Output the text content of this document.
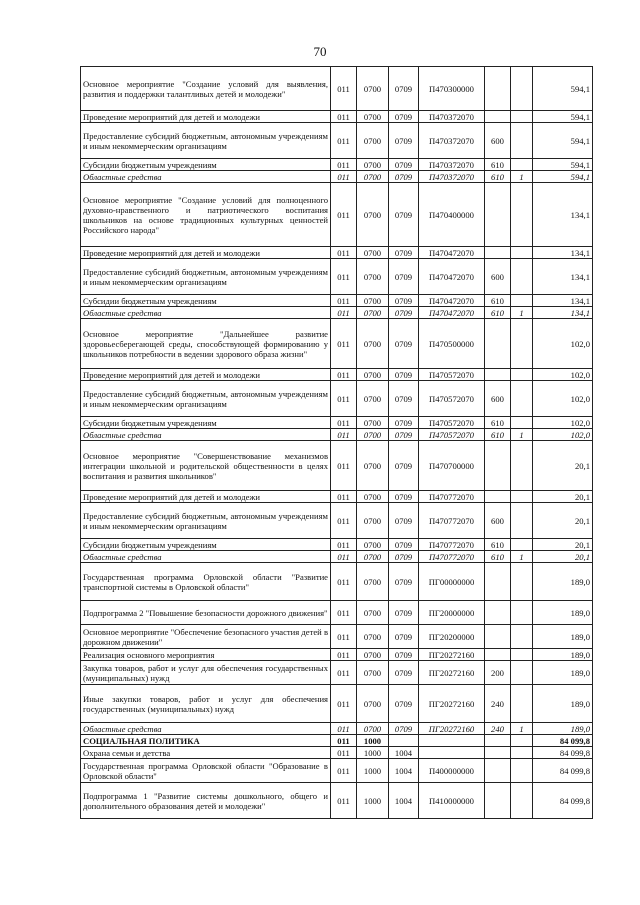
70
Основное мероприятие "Создание условий для выявления, развития и поддержки талантливых детей и молодежи"	011	0700	0709	П470300000			594,1
Проведение мероприятий для детей и молодежи	011	0700	0709	П470372070			594,1
Предоставление субсидий бюджетным, автономным учреждениям и иным некоммерческим организациям	011	0700	0709	П470372070	600		594,1
Субсидии бюджетным учреждениям	011	0700	0709	П470372070	610		594,1
Областные средства	011	0700	0709	П470372070	610	1	594,1
Основное мероприятие "Создание условий для полноценного духовно-нравственного и патриотического воспитания школьников на основе традиционных культурных ценностей Российского народа"	011	0700	0709	П470400000			134,1
Проведение мероприятий для детей и молодежи	011	0700	0709	П470472070			134,1
Предоставление субсидий бюджетным, автономным учреждениям и иным некоммерческим организациям	011	0700	0709	П470472070	600		134,1
Субсидии бюджетным учреждениям	011	0700	0709	П470472070	610		134,1
Областные средства	011	0700	0709	П470472070	610	1	134,1
Основное мероприятие "Дальнейшее развитие здоровьесберегающей среды, способствующей формированию у школьников потребности в ведении здорового образа жизни"	011	0700	0709	П470500000			102,0
Проведение мероприятий для детей и молодежи	011	0700	0709	П470572070			102,0
Предоставление субсидий бюджетным, автономным учреждениям и иным некоммерческим организациям	011	0700	0709	П470572070	600		102,0
Субсидии бюджетным учреждениям	011	0700	0709	П470572070	610		102,0
Областные средства	011	0700	0709	П470572070	610	1	102,0
Основное мероприятие "Совершенствование механизмов интеграции школьной и родительской общественности в целях воспитания и развития школьников"	011	0700	0709	П470700000			20,1
Проведение мероприятий для детей и молодежи	011	0700	0709	П470772070			20,1
Предоставление субсидий бюджетным, автономным учреждениям и иным некоммерческим организациям	011	0700	0709	П470772070	600		20,1
Субсидии бюджетным учреждениям	011	0700	0709	П470772070	610		20,1
Областные средства	011	0700	0709	П470772070	610	1	20,1
Государственная программа Орловской области "Развитие транспортной системы в Орловской области"	011	0700	0709	ПГ00000000			189,0
Подпрограмма 2 "Повышение безопасности дорожного движения"	011	0700	0709	ПГ20000000			189,0
Основное мероприятие "Обеспечение безопасного участия детей в дорожном движении"	011	0700	0709	ПГ20200000			189,0
Реализация основного мероприятия	011	0700	0709	ПГ20272160			189,0
Закупка товаров, работ и услуг для обеспечения государственных (муниципальных) нужд	011	0700	0709	ПГ20272160	200		189,0
Иные закупки товаров, работ и услуг для обеспечения государственных (муниципальных) нужд	011	0700	0709	ПГ20272160	240		189,0
Областные средства	011	0700	0709	ПГ20272160	240	1	189,0
СОЦИАЛЬНАЯ ПОЛИТИКА	011	1000					84 099,8
Охрана семьи и детства	011	1000	1004				84 099,8
Государственная программа Орловской области "Образование в Орловской области"	011	1000	1004	П400000000			84 099,8
Подпрограмма 1 "Развитие системы дошкольного, общего и дополнительного образования детей и молодежи"	011	1000	1004	П410000000			84 099,8
